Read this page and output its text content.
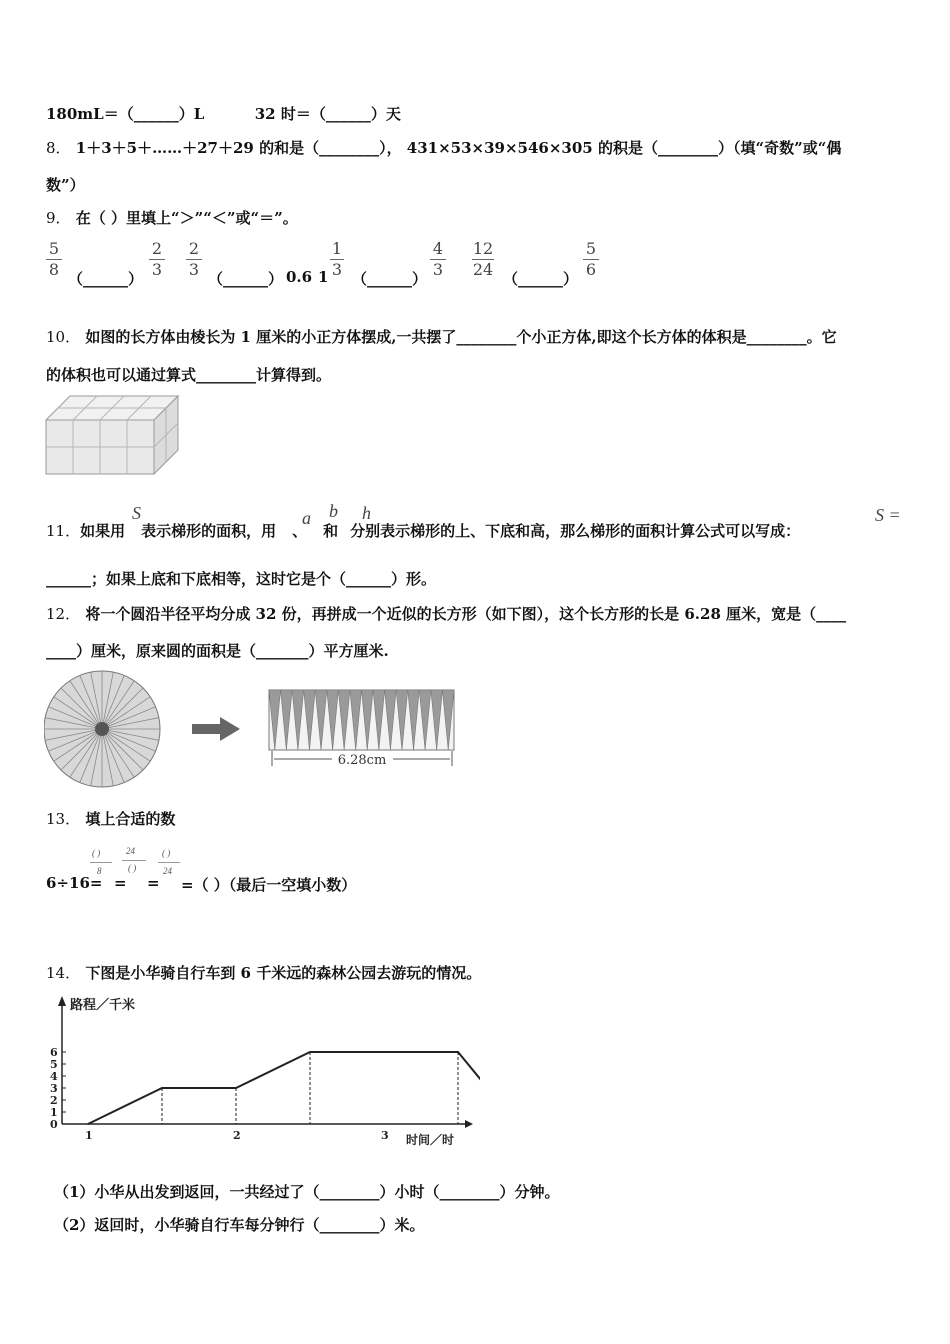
180mL＝（______）L	32 时＝（______）天
8． 1＋3＋5＋……＋27＋29 的和是（________）， 431×53×39×546×305 的积是（________）（填“奇数”或“偶
数”）
9． 在（ ）里填上“＞”“＜”或“＝”。
5
8 （______）
2
3
2
3 （______） 0.6 1
1
3 （______）
4
3
12
24 （______）
5
6
10． 如图的长方体由棱长为 1 厘米的小正方体摆成,一共摆了________个小正方体,即这个长方体的体积是________。它
的体积也可以通过算式________计算得到。
11．如果用 表示梯形的面积，用 、 和 分别表示梯形的上、下底和高，那么梯形的面积计算公式可以写成：
S	a b h	S =
______；如果上底和下底相等，这时它是个（______）形。
12． 将一个圆沿半径平均分成 32 份，再拼成一个近似的长方形（如下图），这个长方形的长是 6.28 厘米，宽是（____
____）厘米，原来圆的面积是（_______）平方厘米.
6.28cm
13． 填上合适的数
6÷16=
( )
8
=
24
( )
=
( )
24
=（ ）（最后一空填小数）
14． 下图是小华骑自行车到 6 千米远的森林公园去游玩的情况。
0
1
2
3
4
5
6
1	2	3
路程／千米
时间／时
（1）小华从出发到返回，一共经过了（________）小时（________）分钟。
（2）返回时，小华骑自行车每分钟行（________）米。
